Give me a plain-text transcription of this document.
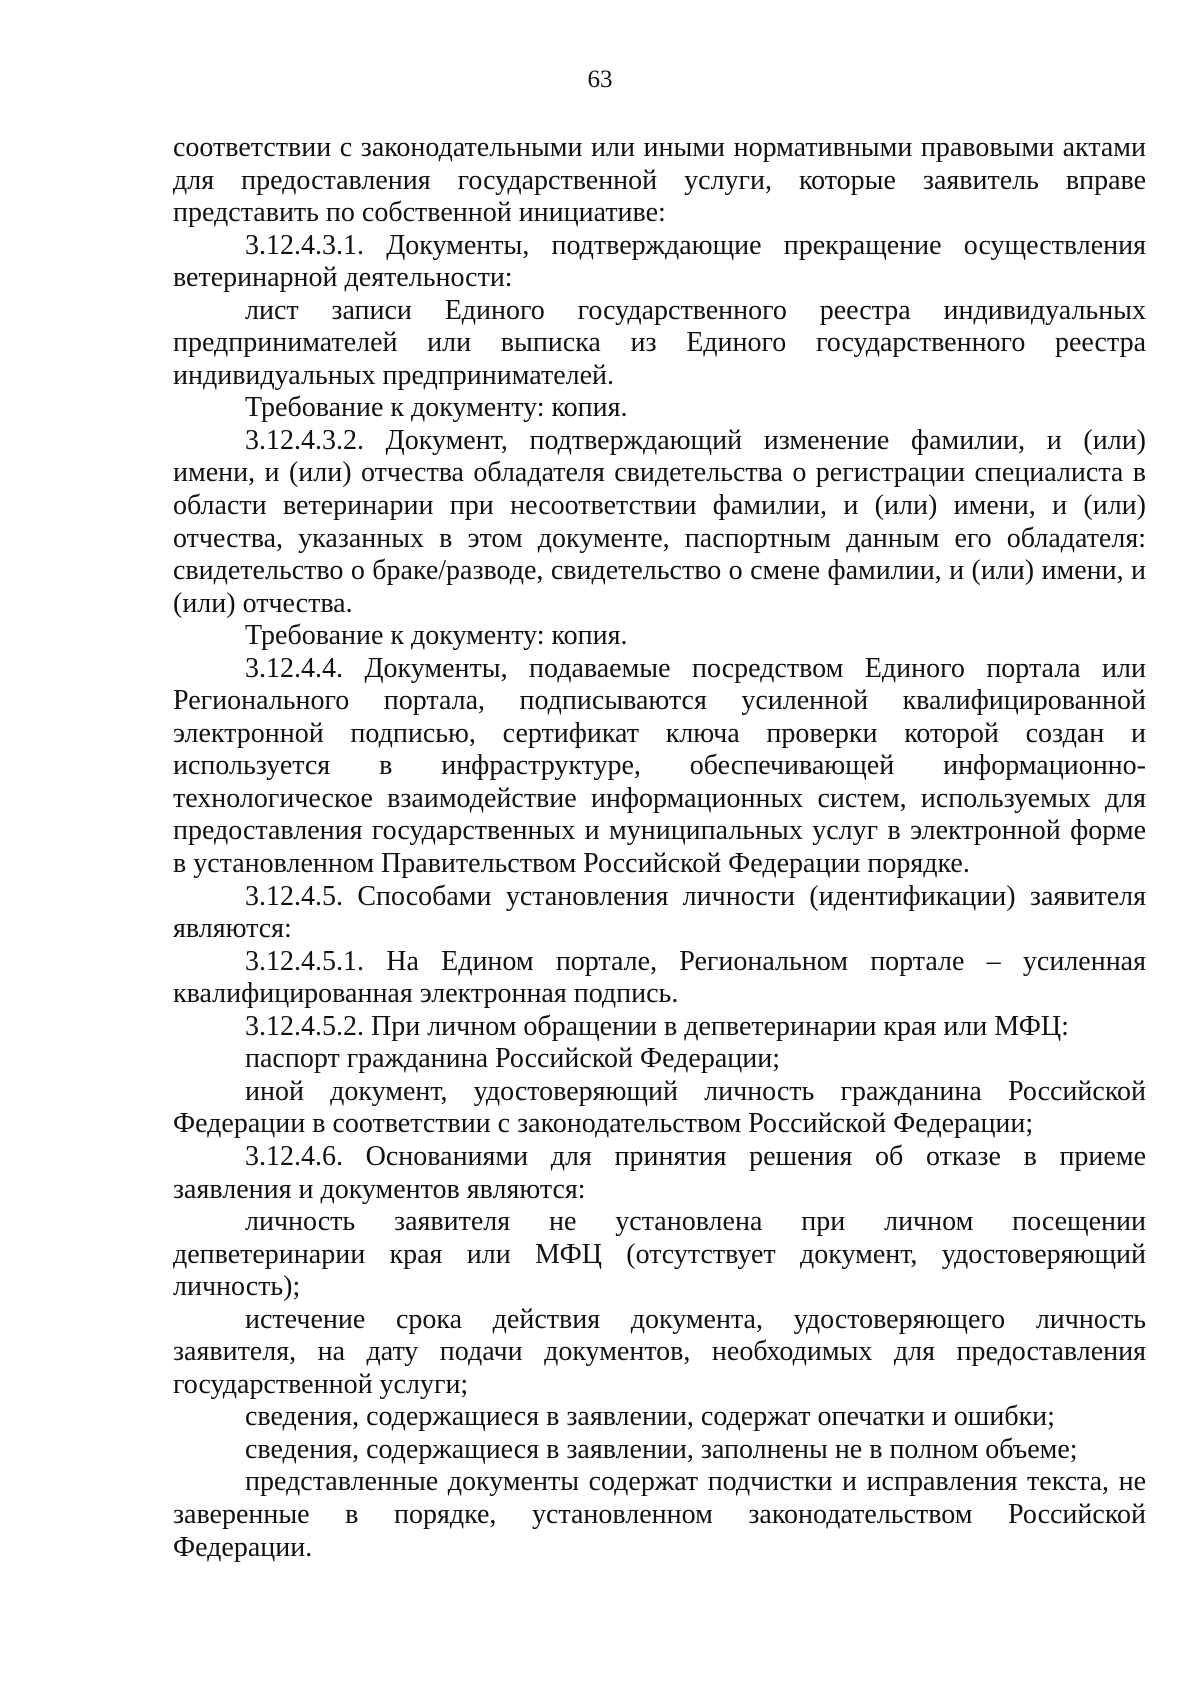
63

соответствии с законодательными или иными нормативными правовыми актами для предоставления государственной услуги, которые заявитель вправе представить по собственной инициативе:

3.12.4.3.1. Документы, подтверждающие прекращение осуществления ветеринарной деятельности:

лист записи Единого государственного реестра индивидуальных предпринимателей или выписка из Единого государственного реестра индивидуальных предпринимателей.

Требование к документу: копия.

3.12.4.3.2. Документ, подтверждающий изменение фамилии, и (или) имени, и (или) отчества обладателя свидетельства о регистрации специалиста в области ветеринарии при несоответствии фамилии, и (или) имени, и (или) отчества, указанных в этом документе, паспортным данным его обладателя: свидетельство о браке/разводе, свидетельство о смене фамилии, и (или) имени, и (или) отчества.

Требование к документу: копия.

3.12.4.4. Документы, подаваемые посредством Единого портала или Регионального портала, подписываются усиленной квалифицированной электронной подписью, сертификат ключа проверки которой создан и используется в инфраструктуре, обеспечивающей информационно-технологическое взаимодействие информационных систем, используемых для предоставления государственных и муниципальных услуг в электронной форме в установленном Правительством Российской Федерации порядке.

3.12.4.5. Способами установления личности (идентификации) заявителя являются:

3.12.4.5.1. На Едином портале, Региональном портале – усиленная квалифицированная электронная подпись.

3.12.4.5.2. При личном обращении в депветеринарии края или МФЦ:

паспорт гражданина Российской Федерации;

иной документ, удостоверяющий личность гражданина Российской Федерации в соответствии с законодательством Российской Федерации;

3.12.4.6. Основаниями для принятия решения об отказе в приеме заявления и документов являются:

личность заявителя не установлена при личном посещении депветеринарии края или МФЦ (отсутствует документ, удостоверяющий личность);

истечение срока действия документа, удостоверяющего личность заявителя, на дату подачи документов, необходимых для предоставления государственной услуги;

сведения, содержащиеся в заявлении, содержат опечатки и ошибки;

сведения, содержащиеся в заявлении, заполнены не в полном объеме;

представленные документы содержат подчистки и исправления текста, не заверенные в порядке, установленном законодательством Российской Федерации.
